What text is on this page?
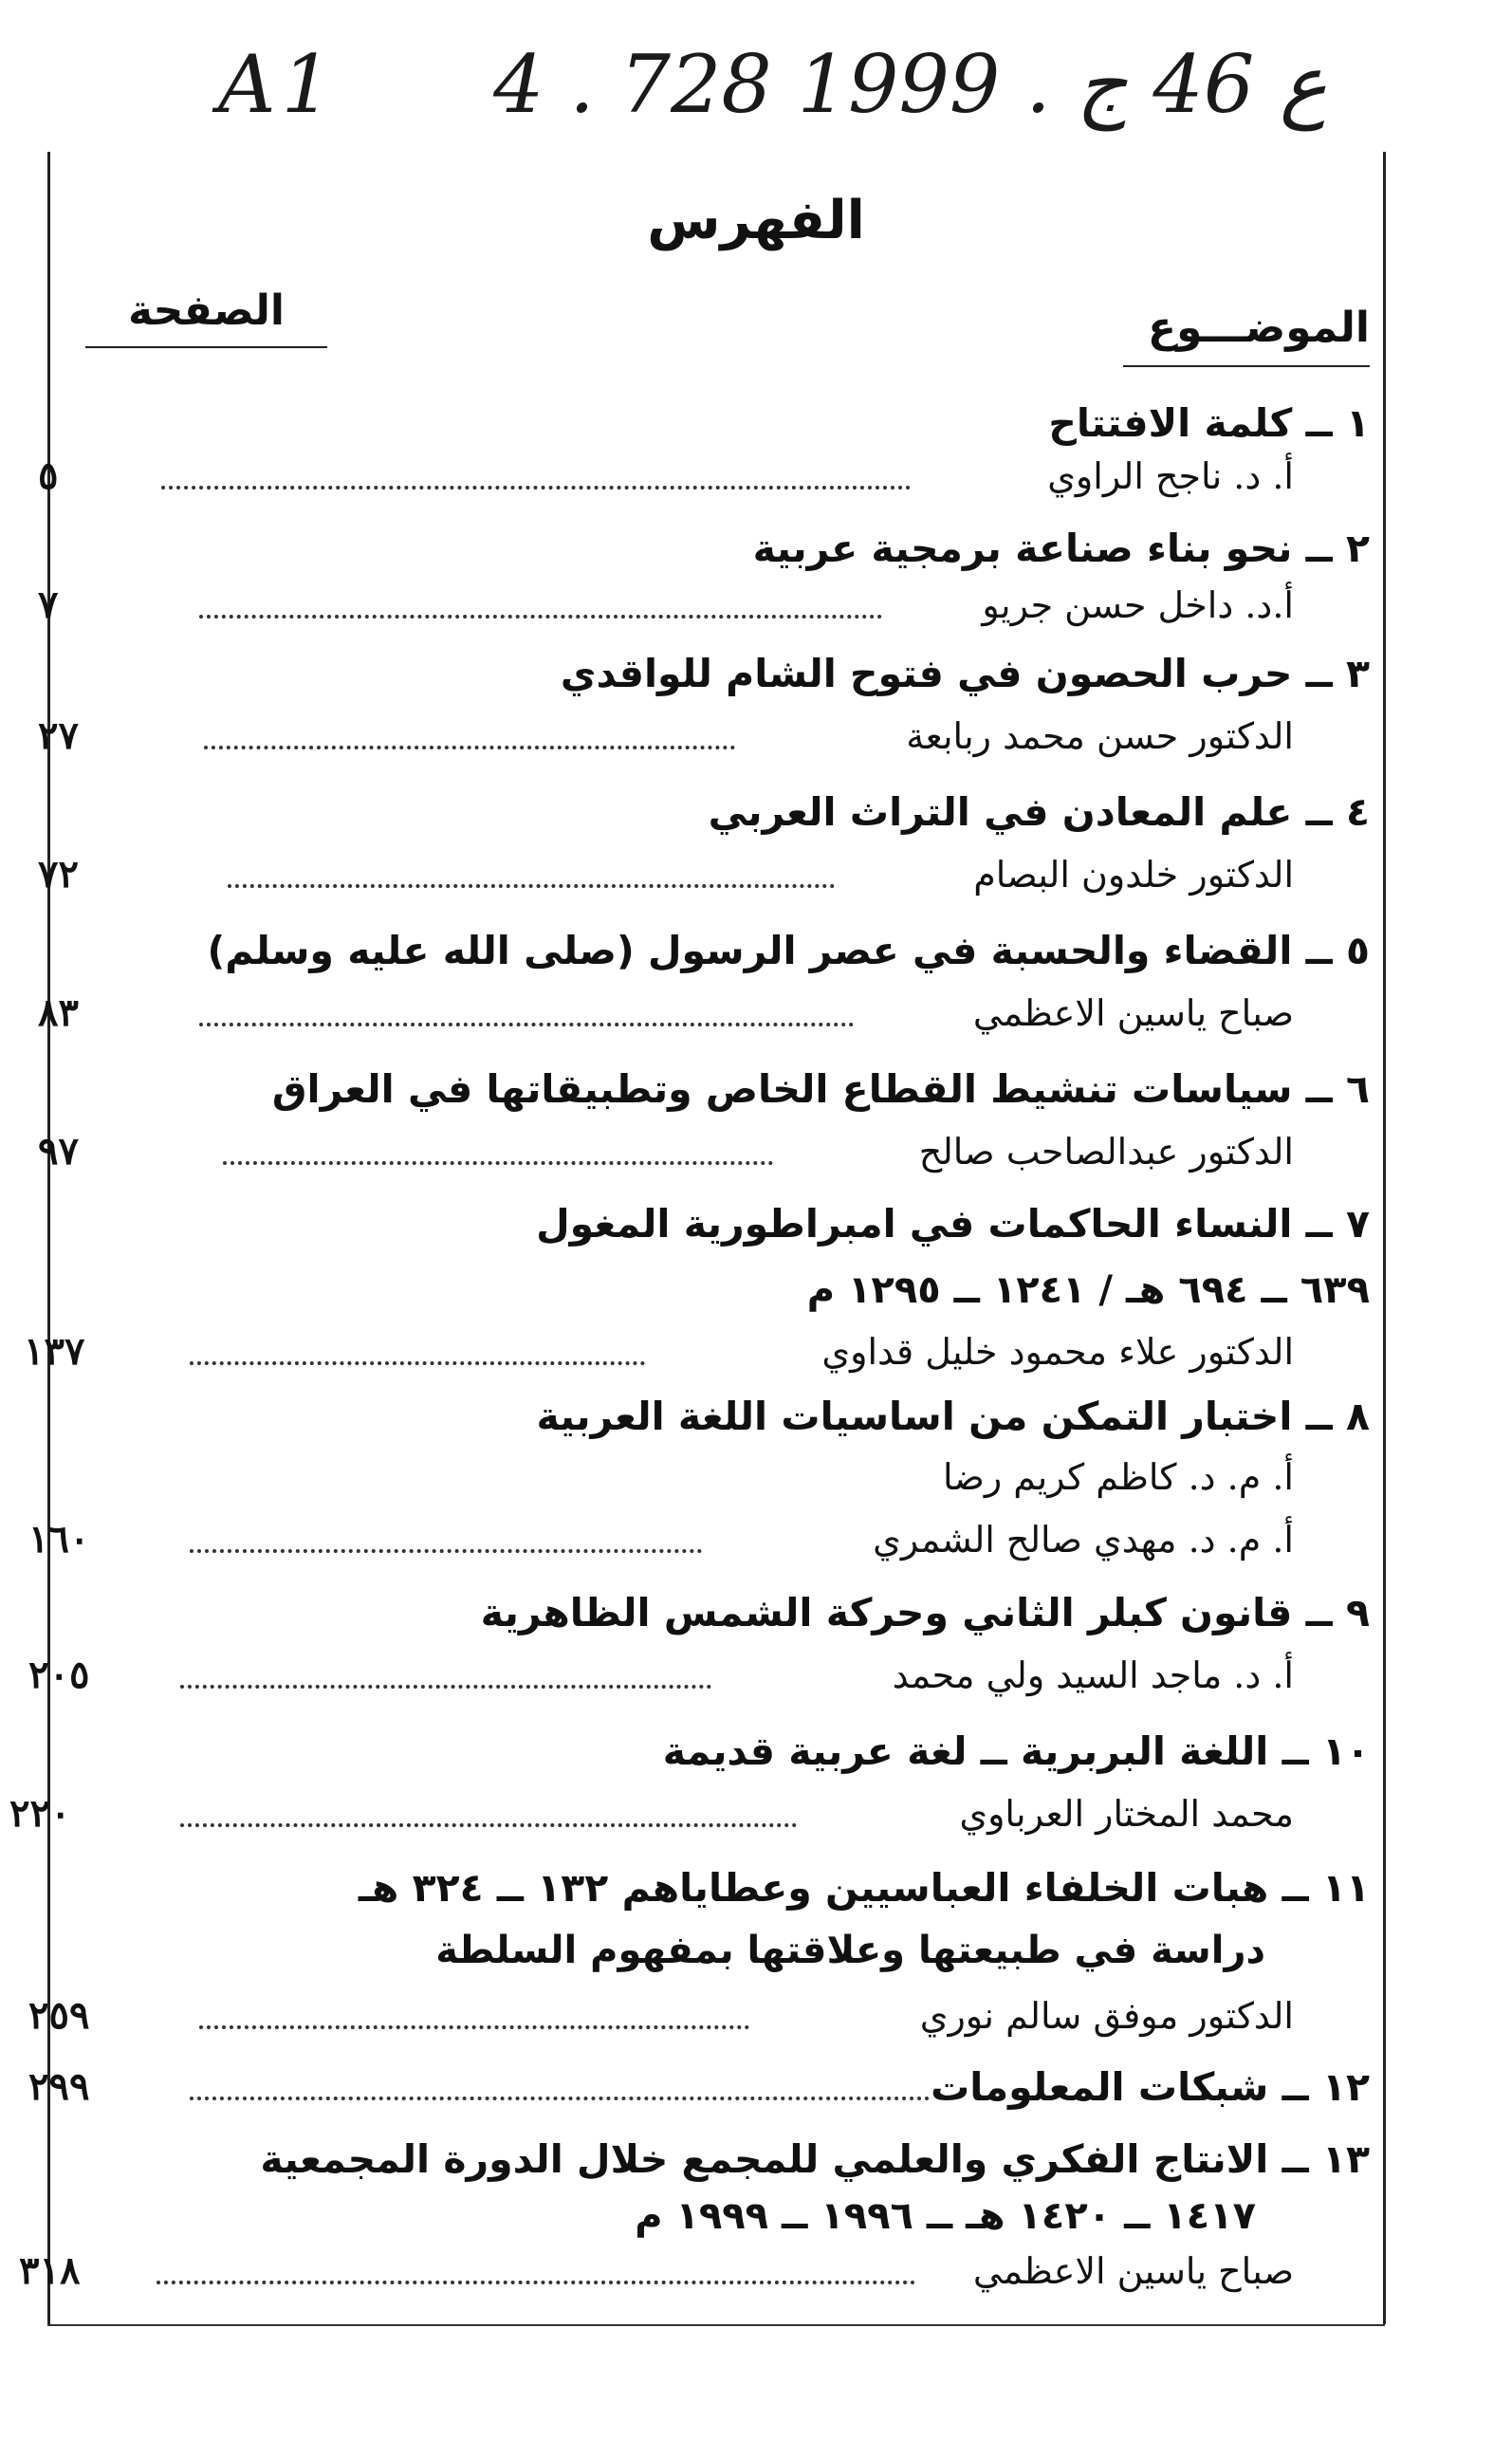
A1 4 . ع 46 ج . 1999 728
الفهرس
الموضـــوع
الصفحة
١ ــ كلمة الافتتاح
أ. د. ناجح الراوي
٥
٢ ــ نحو بناء صناعة برمجية عربية
أ.د. داخل حسن جريو
٧
٣ ــ حرب الحصون في فتوح الشام للواقدي
الدكتور حسن محمد ربابعة
٢٧
٤ ــ علم المعادن في التراث العربي
الدكتور خلدون البصام
٧٢
٥ ــ القضاء والحسبة في عصر الرسول (صلى الله عليه وسلم)
صباح ياسين الاعظمي
٨٣
٦ ــ سياسات تنشيط القطاع الخاص وتطبيقاتها في العراق
الدكتور عبدالصاحب صالح
٩٧
٧ ــ النساء الحاكمات في امبراطورية المغول
٦٣٩ ــ ٦٩٤ هـ / ١٢٤١ ــ ١٢٩٥ م
الدكتور علاء محمود خليل قداوي
١٣٧
٨ ــ اختبار التمكن من اساسيات اللغة العربية
أ. م. د. كاظم كريم رضا
أ. م. د. مهدي صالح الشمري
١٦٠
٩ ــ قانون كبلر الثاني وحركة الشمس الظاهرية
أ. د. ماجد السيد ولي محمد
٢٠٥
١٠ ــ اللغة البربرية ــ لغة عربية قديمة
محمد المختار العرباوي
٢٢٠
١١ ــ هبات الخلفاء العباسيين وعطاياهم ١٣٢ ــ ٣٢٤ هـ
دراسة في طبيعتها وعلاقتها بمفهوم السلطة
الدكتور موفق سالم نوري
٢٥٩
١٢ ــ شبكات المعلومات
٢٩٩
١٣ ــ الانتاج الفكري والعلمي للمجمع خلال الدورة المجمعية
١٤١٧ ــ ١٤٢٠ هـ ــ ١٩٩٦ ــ ١٩٩٩ م
صباح ياسين الاعظمي
٣١٨
